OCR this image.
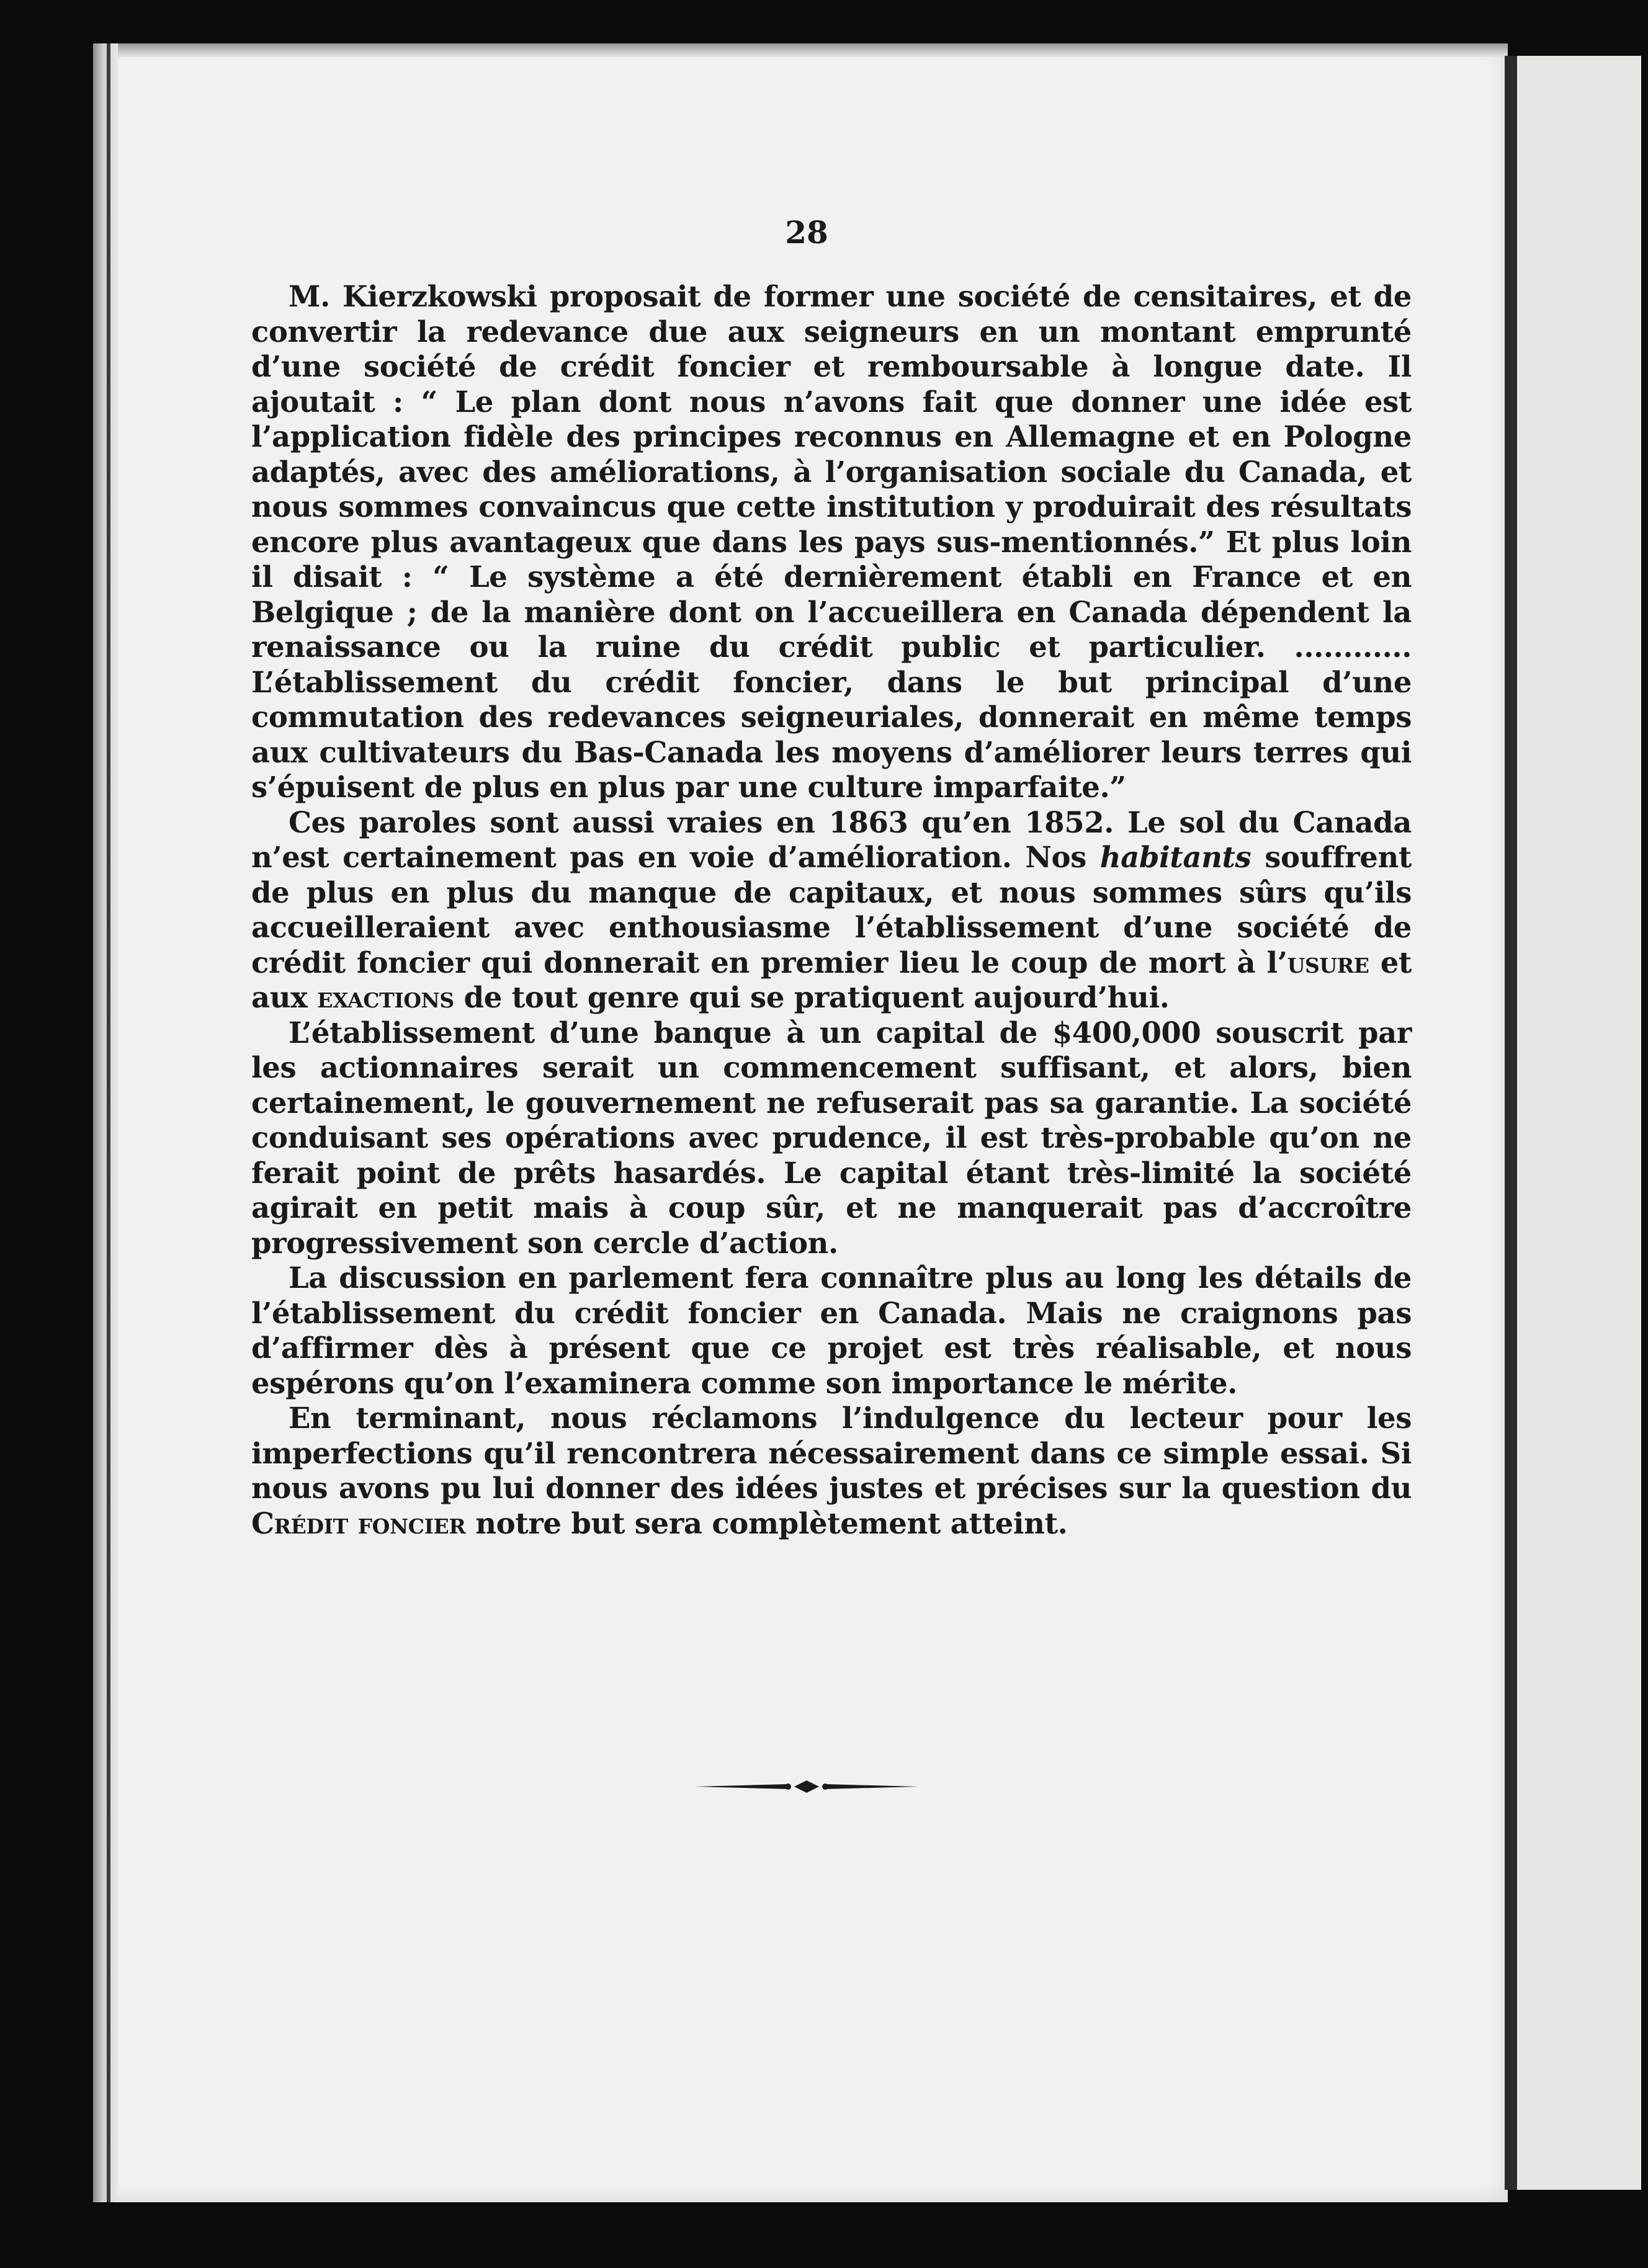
28

M. Kierzkowski proposait de former une société de censitaires, et de convertir la redevance due aux seigneurs en un montant emprunté d’une société de crédit foncier et remboursable à longue date. Il ajoutait : “ Le plan dont nous n’avons fait que donner une idée est l’application fidèle des principes reconnus en Allemagne et en Pologne adaptés, avec des améliorations, à l’organisation sociale du Canada, et nous sommes convaincus que cette institution y produirait des résultats encore plus avantageux que dans les pays sus-mentionnés.” Et plus loin il disait : “ Le système a été dernièrement établi en France et en Belgique ; de la manière dont on l’accueillera en Canada dépendent la renaissance ou la ruine du crédit public et particulier. ............ L’établissement du crédit foncier, dans le but principal d’une commutation des redevances seigneuriales, donnerait en même temps aux cultivateurs du Bas-Canada les moyens d’améliorer leurs terres qui s’épuisent de plus en plus par une culture imparfaite.”

Ces paroles sont aussi vraies en 1863 qu’en 1852. Le sol du Canada n’est certainement pas en voie d’amélioration. Nos habitants souffrent de plus en plus du manque de capitaux, et nous sommes sûrs qu’ils accueilleraient avec enthousiasme l’établissement d’une société de crédit foncier qui donnerait en premier lieu le coup de mort à l’usure et aux exactions de tout genre qui se pratiquent aujourd’hui.

L’établissement d’une banque à un capital de $400,000 souscrit par les actionnaires serait un commencement suffisant, et alors, bien certainement, le gouvernement ne refuserait pas sa garantie. La société conduisant ses opérations avec prudence, il est très-probable qu’on ne ferait point de prêts hasardés. Le capital étant très-limité la société agirait en petit mais à coup sûr, et ne manquerait pas d’accroître progressivement son cercle d’action.

La discussion en parlement fera connaître plus au long les détails de l’établissement du crédit foncier en Canada. Mais ne craignons pas d’affirmer dès à présent que ce projet est très réalisable, et nous espérons qu’on l’examinera comme son importance le mérite.

En terminant, nous réclamons l’indulgence du lecteur pour les imperfections qu’il rencontrera nécessairement dans ce simple essai. Si nous avons pu lui donner des idées justes et précises sur la question du Crédit foncier notre but sera complètement atteint.
